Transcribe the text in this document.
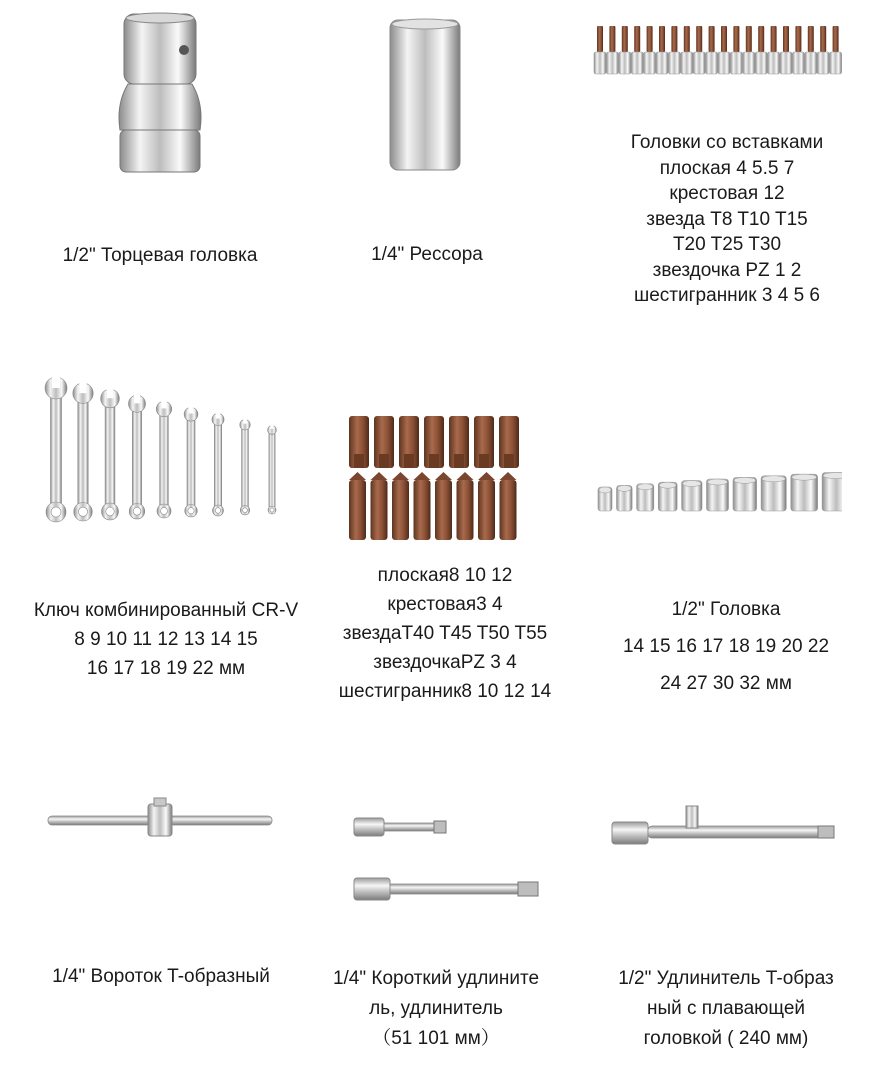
1/2" Торцевая головка	1/4" Рессора
Головки со вставками
плоская 4 5.5 7
крестовая 12
звезда T8 T10 T15
T20 T25 T30
звездочка PZ 1 2
шестигранник 3 4 5 6
Ключ комбинированный CR-V
8 9 10 11 12 13 14 15
16 17 18 19 22 мм
плоская8 10 12
крестовая3 4
звездаT40 T45 T50 T55
звездочкаPZ 3 4
шестигранник8 10 12 14
1/2" Головка
14 15 16 17 18 19 20 22
24 27 30 32 мм
1/4" Вороток T-образный	1/4" Короткий удлините
ль, удлинитель
（51 101 мм）
1/2" Удлинитель T-образ
ный с плавающей
головкой ( 240 мм)
